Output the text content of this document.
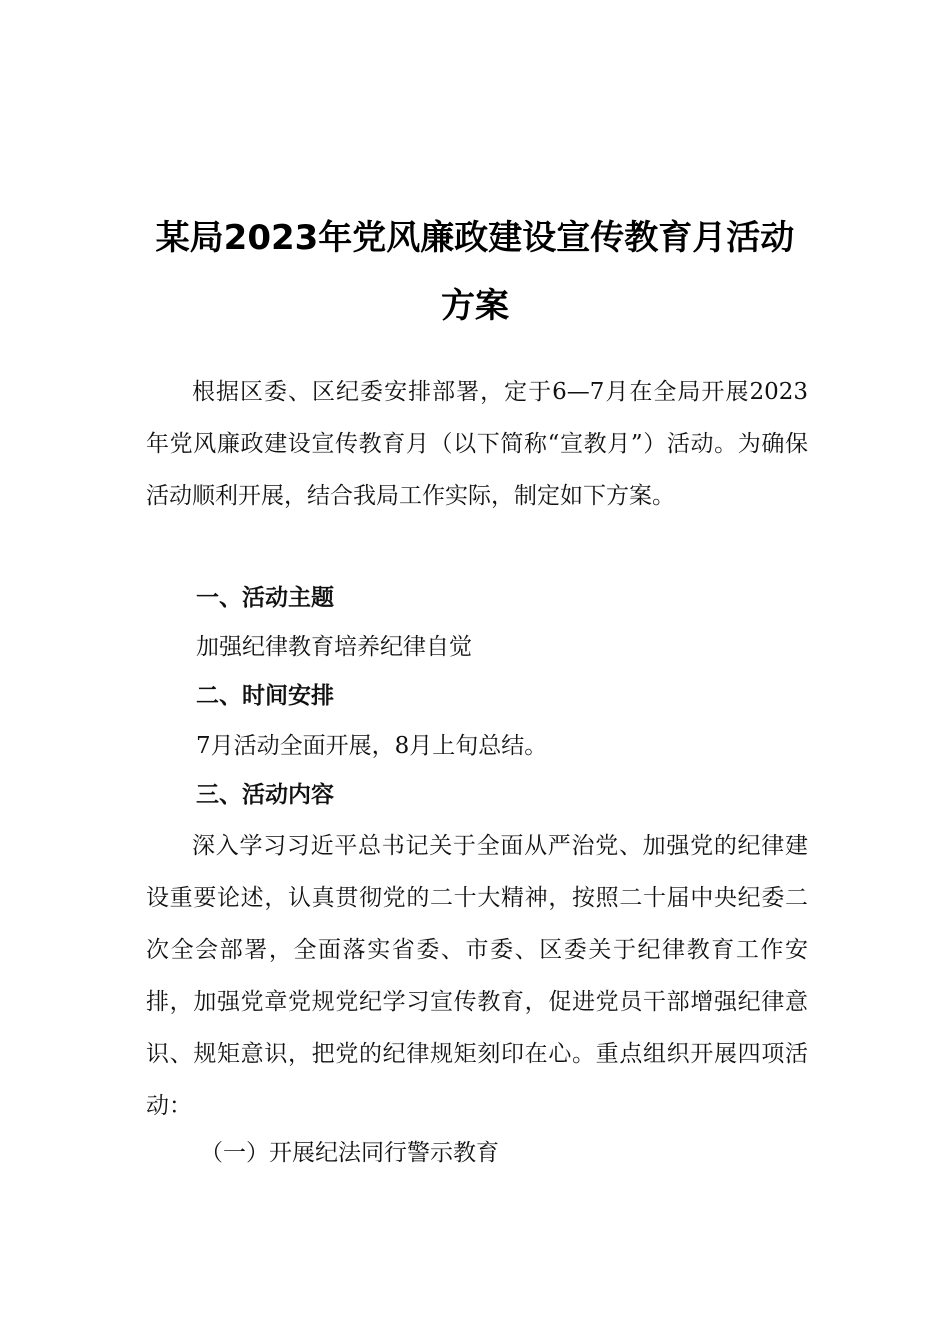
某局2023年党风廉政建设宣传教育月活动
方案

根据区委、区纪委安排部署，定于6—7月在全局开展2023年党风廉政建设宣传教育月（以下简称“宣教月”）活动。为确保活动顺利开展，结合我局工作实际，制定如下方案。

一、活动主题
加强纪律教育培养纪律自觉
二、时间安排
7月活动全面开展，8月上旬总结。
三、活动内容

深入学习习近平总书记关于全面从严治党、加强党的纪律建设重要论述，认真贯彻党的二十大精神，按照二十届中央纪委二次全会部署，全面落实省委、市委、区委关于纪律教育工作安排，加强党章党规党纪学习宣传教育，促进党员干部增强纪律意识、规矩意识，把党的纪律规矩刻印在心。重点组织开展四项活动：

（一）开展纪法同行警示教育
